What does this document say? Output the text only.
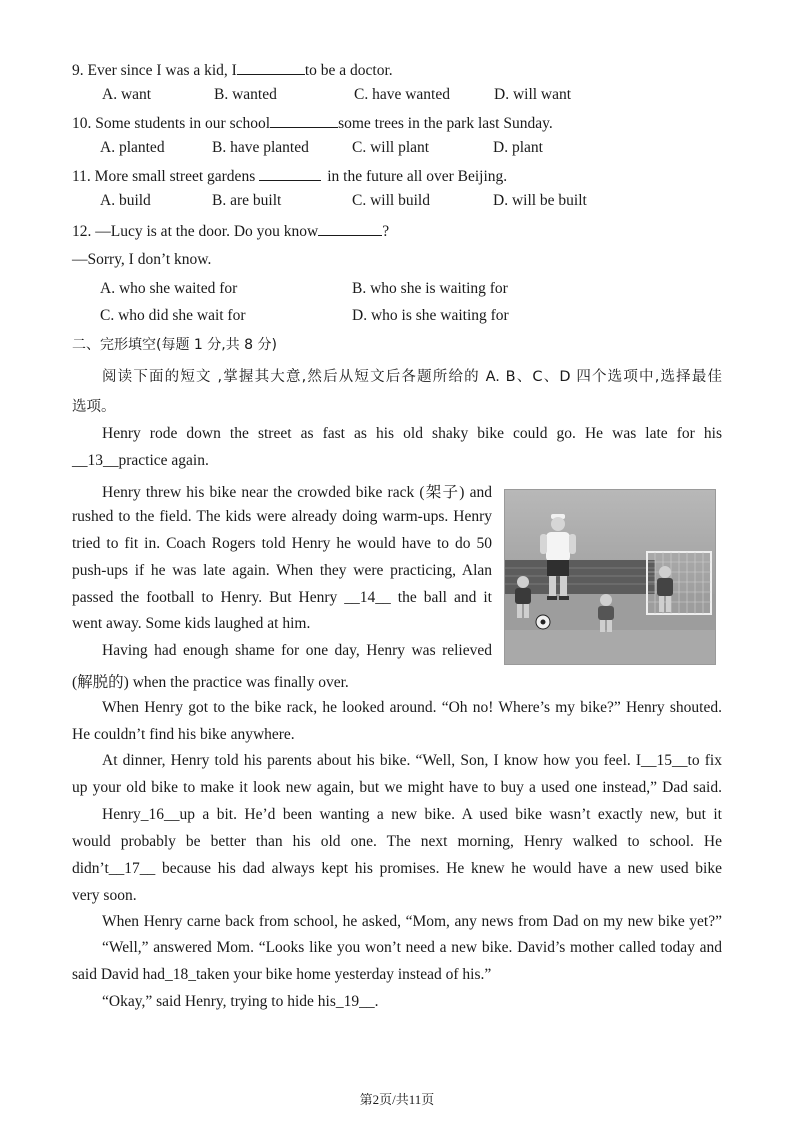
9. Ever since I was a kid, I	to be a doctor.
A. want	B. wanted	C. have wanted	D. will want
10. Some students in our school	some trees in the park last Sunday.
A. planted	B. have planted	C. will plant	D. plant
11. More small street gardens	in the future all over Beijing.
A. build	B. are built	C. will build	D. will be built
12. —Lucy is at the door. Do you know	?
—Sorry, I don’t know.
A. who she waited for	B. who she is waiting for
C. who did she wait for	D. who is she waiting for
二、完形填空(每题 1 分,共 8 分)
阅读下面的短文 ,掌握其大意,然后从短文后各题所给的 A. B、C、D 四个选项中,选择最佳
选项。
Henry rode down the street as fast as his old shaky bike could go. He was late for his
__13__practice again.
Henry threw his bike near the crowded bike rack (架子) and
rushed to the field. The kids were already doing warm-ups. Henry
tried to fit in. Coach Rogers told Henry he would have to do 50
push-ups if he was late again. When they were practicing, Alan
passed the football to Henry. But Henry __14__ the ball and it
went away. Some kids laughed at him.
Having had enough shame for one day, Henry was relieved
(解脱的) when the practice was finally over.
When Henry got to the bike rack, he looked around. “Oh no! Where’s my bike?” Henry shouted.
He couldn’t find his bike anywhere.
At dinner, Henry told his parents about his bike. “Well, Son, I know how you feel. I__15__to fix
up your old bike to make it look new again, but we might have to buy a used one instead,” Dad said.
Henry_16__up a bit. He’d been wanting a new bike. A used bike wasn’t exactly new, but it
would probably be better than his old one. The next morning, Henry walked to school. He
didn’t__17__ because his dad always kept his promises. He knew he would have a new used bike
very soon.
When Henry carne back from school, he asked, “Mom, any news from Dad on my new bike yet?”
“Well,” answered Mom. “Looks like you won’t need a new bike. David’s mother called today and
said David had_18_taken your bike home yesterday instead of his.”
“Okay,” said Henry, trying to hide his_19__.
第2页/共11页
